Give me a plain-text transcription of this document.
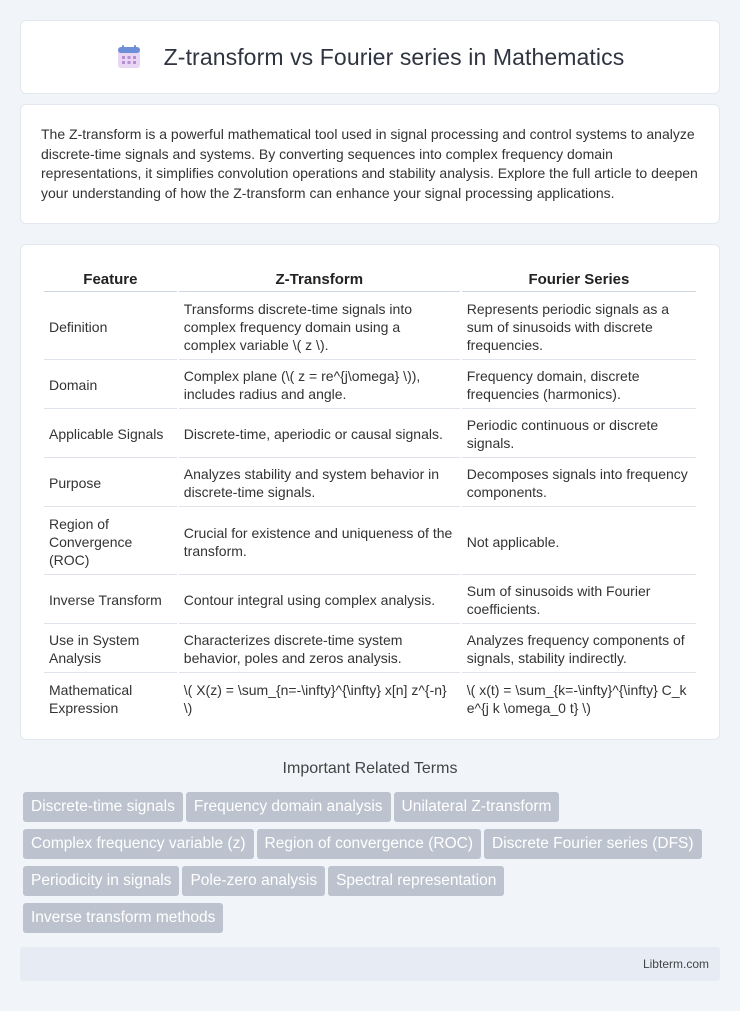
Z-transform vs Fourier series in Mathematics

The Z-transform is a powerful mathematical tool used in signal processing and control systems to analyze discrete-time signals and systems. By converting sequences into complex frequency domain representations, it simplifies convolution operations and stability analysis. Explore the full article to deepen your understanding of how the Z-transform can enhance your signal processing applications.

Feature	Z-Transform	Fourier Series
Definition	Transforms discrete-time signals into complex frequency domain using a complex variable \( z \).	Represents periodic signals as a sum of sinusoids with discrete frequencies.
Domain	Complex plane (\( z = re^{j\omega} \)), includes radius and angle.	Frequency domain, discrete frequencies (harmonics).
Applicable Signals	Discrete-time, aperiodic or causal signals.	Periodic continuous or discrete signals.
Purpose	Analyzes stability and system behavior in discrete-time signals.	Decomposes signals into frequency components.
Region of Convergence (ROC)	Crucial for existence and uniqueness of the transform.	Not applicable.
Inverse Transform	Contour integral using complex analysis.	Sum of sinusoids with Fourier coefficients.
Use in System Analysis	Characterizes discrete-time system behavior, poles and zeros analysis.	Analyzes frequency components of signals, stability indirectly.
Mathematical Expression	\( X(z) = \sum_{n=-\infty}^{\infty} x[n] z^{-n} \)	\( x(t) = \sum_{k=-\infty}^{\infty} C_k e^{j k \omega_0 t} \)
Important Related Terms
Discrete-time signals Frequency domain analysis Unilateral Z-transform
Complex frequency variable (z) Region of convergence (ROC) Discrete Fourier series (DFS)
Periodicity in signals Pole-zero analysis Spectral representation
Inverse transform methods
Libterm.com
